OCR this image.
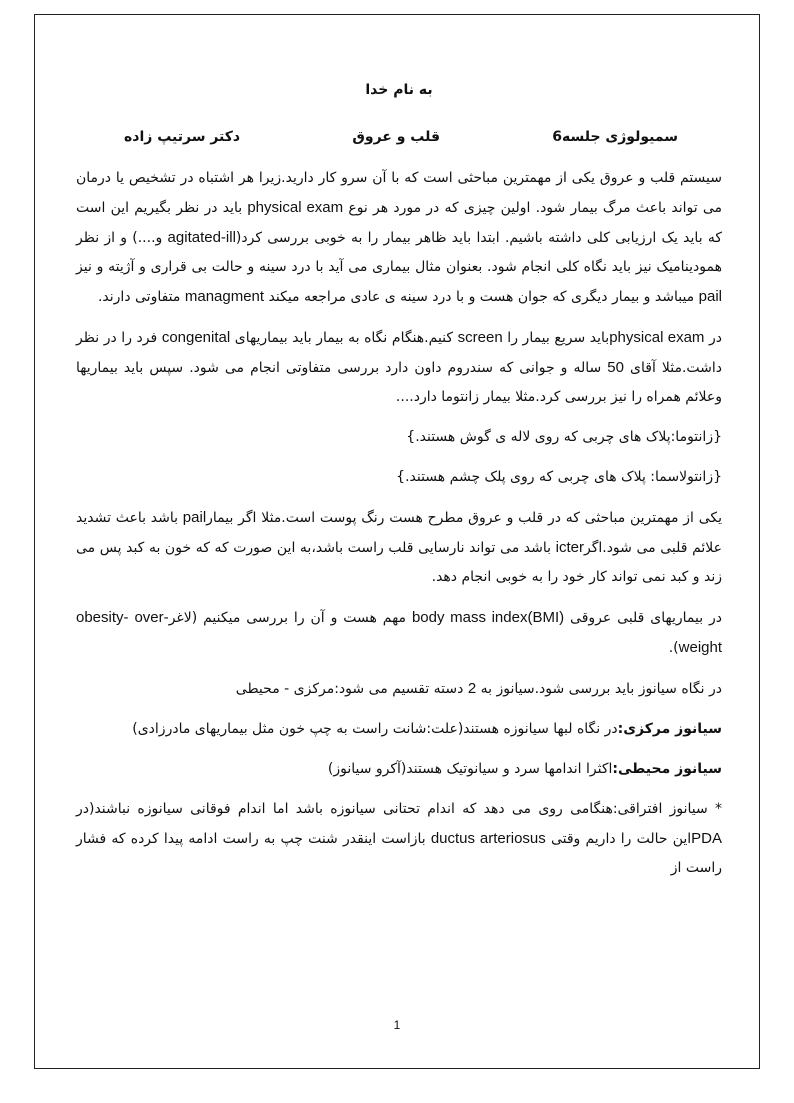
به نام خدا
سمیولوژی جلسه6
قلب و عروق
دکتر سرتیپ زاده

سیستم قلب و عروق یکی از مهمترین مباحثی است که با آن سرو کار دارید.زیرا هر اشتباه در تشخیص یا درمان می تواند باعث مرگ بیمار شود. اولین چیزی که در مورد هر نوع physical exam باید در نظر بگیریم این است که باید یک ارزیابی کلی داشته باشیم. ابتدا باید ظاهر بیمار را به خوبی بررسی کرد(agitated-ill و....) و از نظر همودینامیک نیز باید نگاه کلی انجام شود. بعنوان مثال بیماری می آید با درد سینه و حالت بی قراری و آژیته و نیز pail میباشد و بیمار دیگری که جوان هست و با درد سینه ی عادی مراجعه میکند managment متفاوتی دارند.

در physical examباید سریع بیمار را screen کنیم.هنگام نگاه به بیمار باید بیماریهای congenital فرد را در نظر داشت.مثلا آقای 50 ساله و جوانی که سندروم داون دارد بررسی متفاوتی انجام می شود. سپس باید بیماریها وعلائم همراه را نیز بررسی کرد.مثلا بیمار زانتوما دارد....

{زانتوما:پلاک های چربی که روی لاله ی گوش هستند.}

{زانتولاسما: پلاک های چربی که روی پلک چشم هستند.}

یکی از مهمترین مباحثی که در قلب و عروق مطرح هست رنگ پوست است.مثلا اگر بیمارpail باشد باعث تشدید علائم قلبی می شود.اگرicter باشد می تواند نارسایی قلب راست باشد،به این صورت که که خون به کبد پس می زند و کبد نمی تواند کار خود را به خوبی انجام دهد.

در بیماریهای قلبی عروقی body mass index(BMI) مهم هست و آن را بررسی میکنیم (لاغر-obesity- over weight).

در نگاه سیانوز باید بررسی شود.سیانوز به 2 دسته تقسیم می شود:مرکزی - محیطی

سیانوز مرکزی:در نگاه لبها سیانوزه هستند(علت:شانت راست به چپ خون مثل بیماریهای مادرزادی)

سیانوز محیطی:اکثرا اندامها سرد و سیانوتیک هستند(آکرو سیانوز)

* سیانوز افتراقی:هنگامی روی می دهد که اندام تحتانی سیانوزه باشد اما اندام فوقانی سیانوزه نباشند(در PDAاین حالت را داریم وقتی ductus arteriosus بازاست اینقدر شنت چپ به راست ادامه پیدا کرده که فشار راست از

1
